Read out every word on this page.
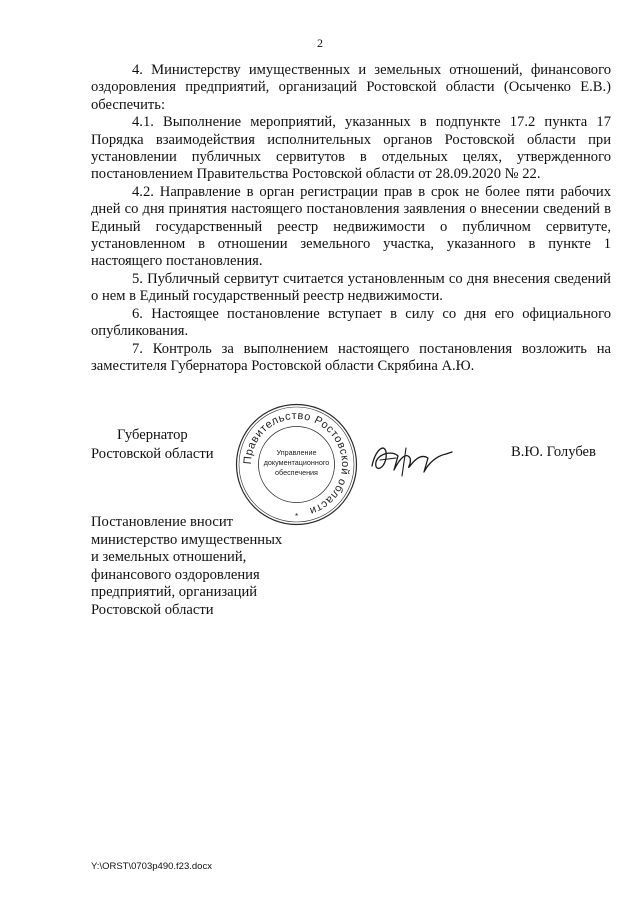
2

4. Министерству имущественных и земельных отношений, финансового оздоровления предприятий, организаций Ростовской области (Осыченко Е.В.) обеспечить:

4.1. Выполнение мероприятий, указанных в подпункте 17.2 пункта 17 Порядка взаимодействия исполнительных органов Ростовской области при установлении публичных сервитутов в отдельных целях, утвержденного постановлением Правительства Ростовской области от 28.09.2020 № 22.

4.2. Направление в орган регистрации прав в срок не более пяти рабочих дней со дня принятия настоящего постановления заявления о внесении сведений в Единый государственный реестр недвижимости о публичном сервитуте, установленном в отношении земельного участка, указанного в пункте 1 настоящего постановления.

5. Публичный сервитут считается установленным со дня внесения сведений о нем в Единый государственный реестр недвижимости.

6. Настоящее постановление вступает в силу со дня его официального опубликования.

7. Контроль за выполнением настоящего постановления возложить на заместителя Губернатора Ростовской области Скрябина А.Ю.

Губернатор
Ростовской области	Правительство Ростовской области
Управление
документационного
обеспечения
*
В.Ю. Голубев
Постановление вносит
министерство имущественных
и земельных отношений,
финансового оздоровления
предприятий, организаций
Ростовской области
Y:\ORST\0703p490.f23.docx
